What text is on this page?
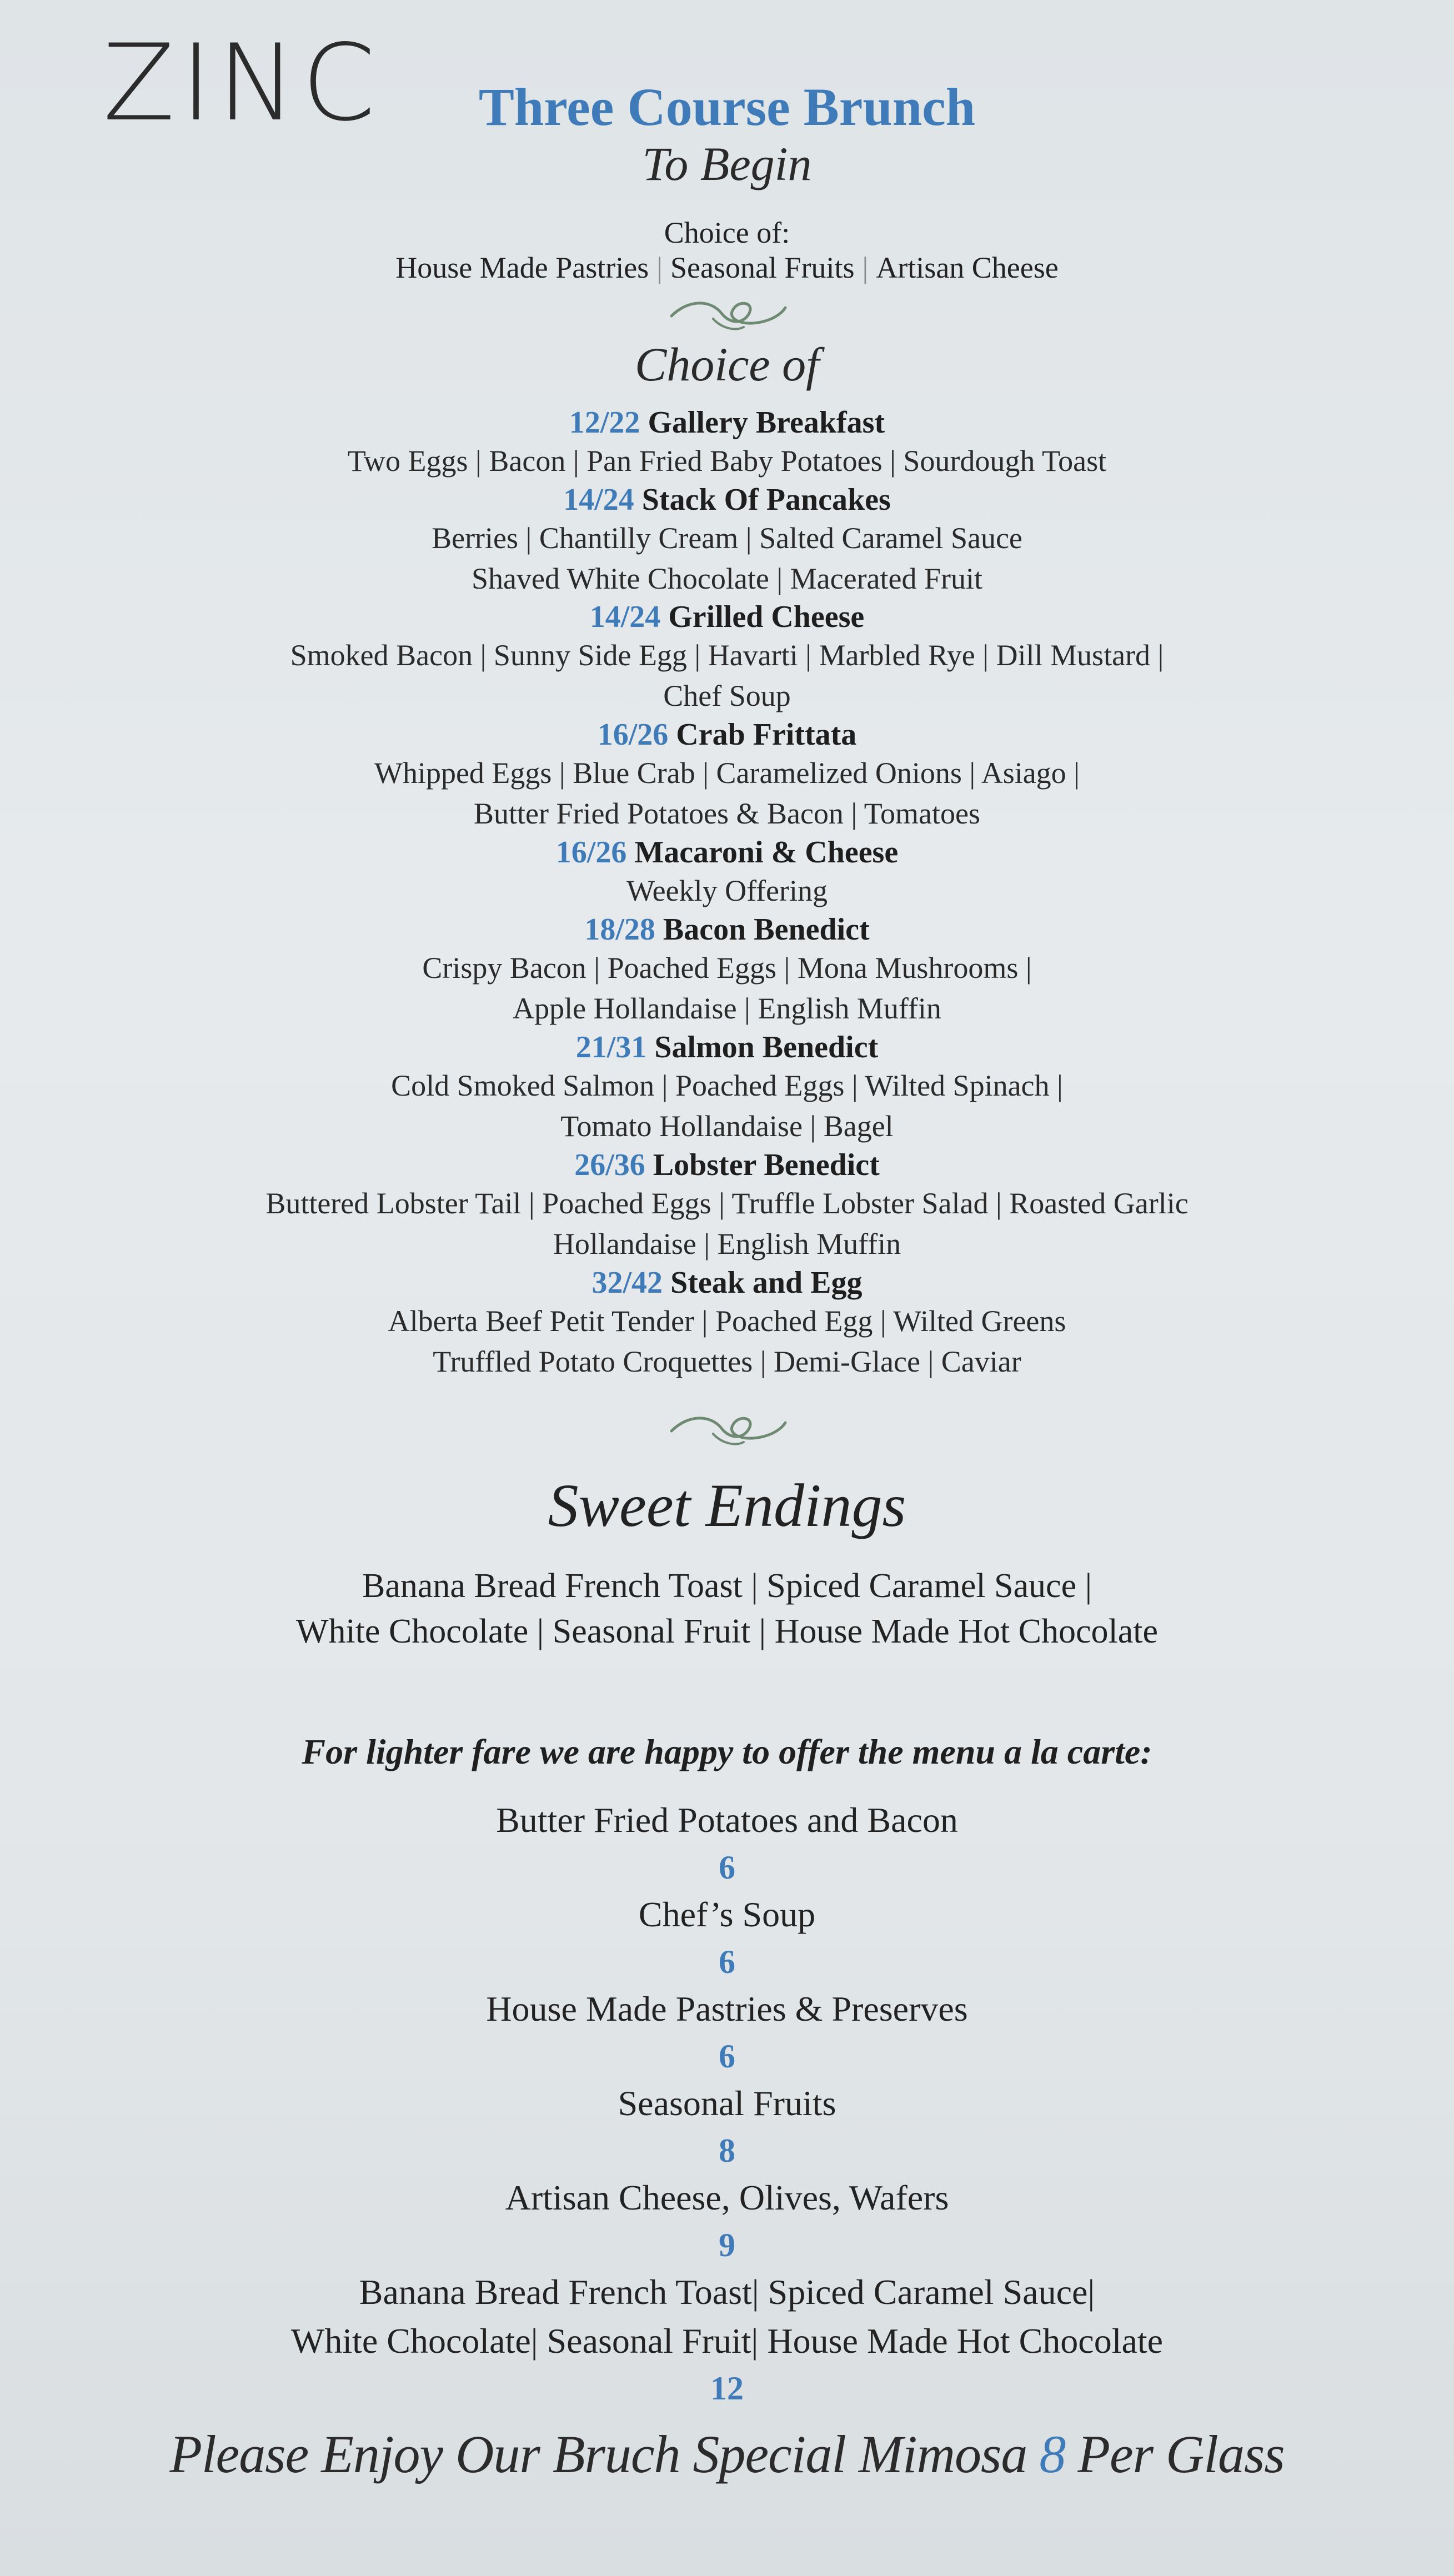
ZINC	Three Course Brunch
To Begin
Choice of:
House Made Pastries | Seasonal Fruits | Artisan Cheese
Choice of
12/22 Gallery Breakfast
Two Eggs | Bacon | Pan Fried Baby Potatoes | Sourdough Toast
14/24 Stack Of Pancakes
Berries | Chantilly Cream | Salted Caramel Sauce
Shaved White Chocolate | Macerated Fruit
14/24 Grilled Cheese
Smoked Bacon | Sunny Side Egg | Havarti | Marbled Rye | Dill Mustard |
Chef Soup
16/26 Crab Frittata
Whipped Eggs | Blue Crab | Caramelized Onions | Asiago |
Butter Fried Potatoes & Bacon | Tomatoes
16/26 Macaroni & Cheese
Weekly Offering
18/28 Bacon Benedict
Crispy Bacon | Poached Eggs | Mona Mushrooms |
Apple Hollandaise | English Muffin
21/31 Salmon Benedict
Cold Smoked Salmon | Poached Eggs | Wilted Spinach |
Tomato Hollandaise | Bagel
26/36 Lobster Benedict
Buttered Lobster Tail | Poached Eggs | Truffle Lobster Salad | Roasted Garlic
Hollandaise | English Muffin
32/42 Steak and Egg
Alberta Beef Petit Tender | Poached Egg | Wilted Greens
Truffled Potato Croquettes | Demi-Glace | Caviar
Sweet Endings
Banana Bread French Toast | Spiced Caramel Sauce |
White Chocolate | Seasonal Fruit | House Made Hot Chocolate
For lighter fare we are happy to offer the menu a la carte:
Butter Fried Potatoes and Bacon
6
Chef’s Soup
6
House Made Pastries & Preserves
6
Seasonal Fruits
8
Artisan Cheese, Olives, Wafers
9
Banana Bread French Toast| Spiced Caramel Sauce|
White Chocolate| Seasonal Fruit| House Made Hot Chocolate
12
Please Enjoy Our Bruch Special Mimosa 8 Per Glass
